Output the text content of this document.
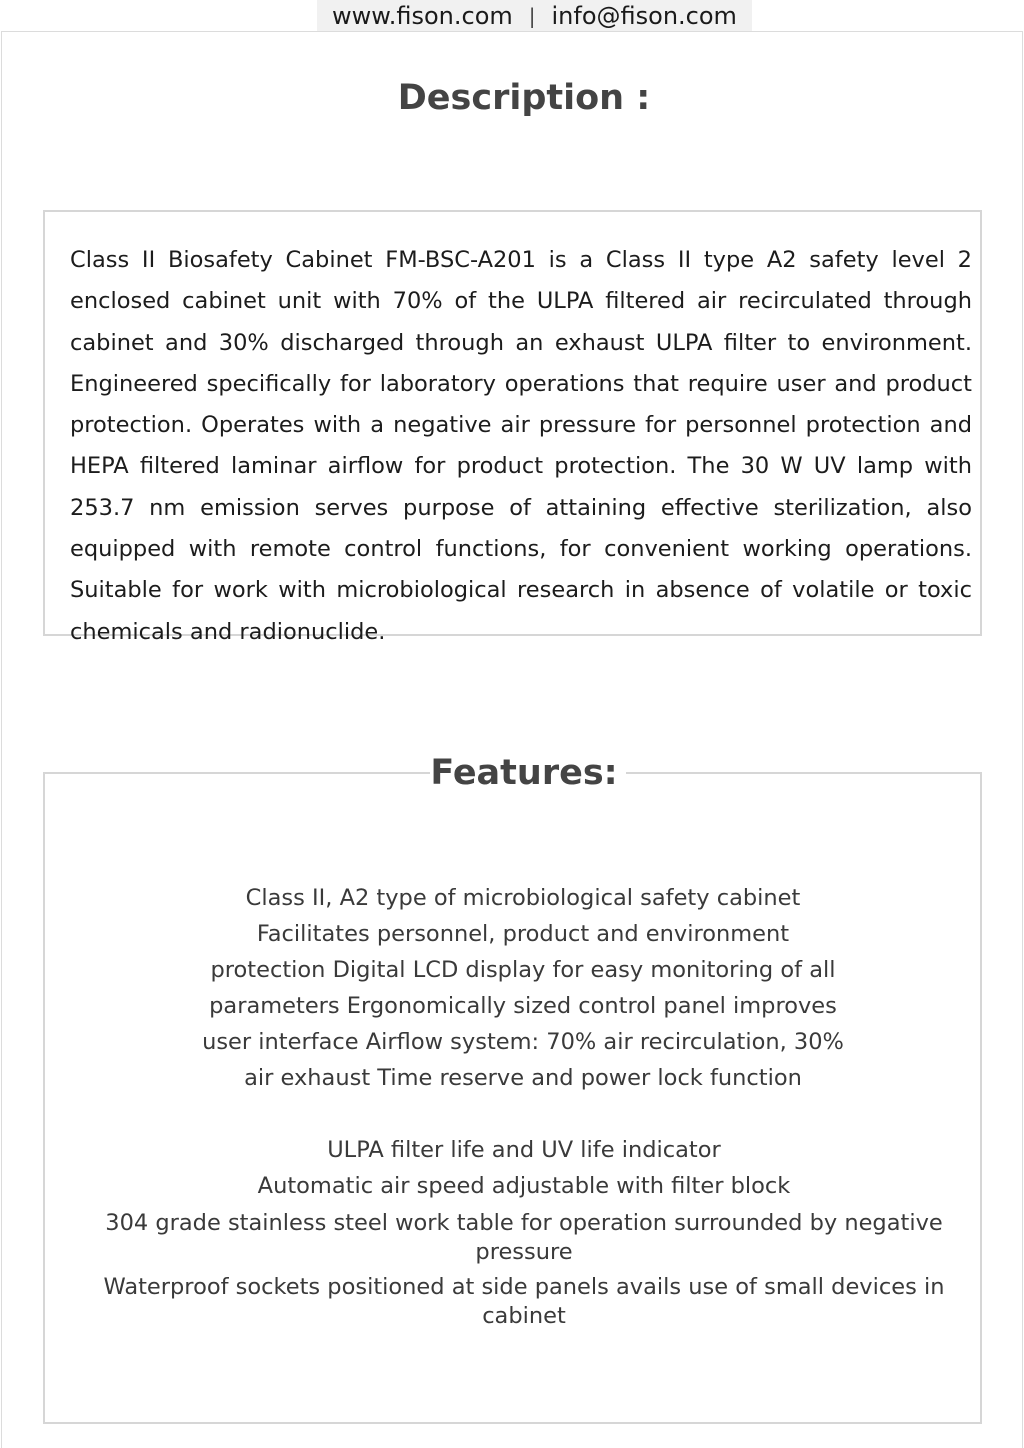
www.fison.com | info@fison.com
Description :

Class II Biosafety Cabinet FM-BSC-A201 is a Class II type A2 safety level 2 enclosed cabinet unit with 70% of the ULPA filtered air recirculated through cabinet and 30% discharged through an exhaust ULPA filter to environment. Engineered specifically for laboratory operations that require user and product protection. Operates with a negative air pressure for personnel protection and HEPA filtered laminar airflow for product protection. The 30 W UV lamp with 253.7 nm emission serves purpose of attaining effective sterilization, also equipped with remote control functions, for convenient working operations. Suitable for work with microbiological research in absence of volatile or toxic chemicals and radionuclide.

Features:

Class II, A2 type of microbiological safety cabinet Facilitates personnel, product and environment protection Digital LCD display for easy monitoring of all parameters Ergonomically sized control panel improves user interface Airflow system: 70% air recirculation, 30% air exhaust Time reserve and power lock function

ULPA filter life and UV life indicator

Automatic air speed adjustable with filter block

304 grade stainless steel work table for operation surrounded by negative pressure

Waterproof sockets positioned at side panels avails use of small devices in cabinet
